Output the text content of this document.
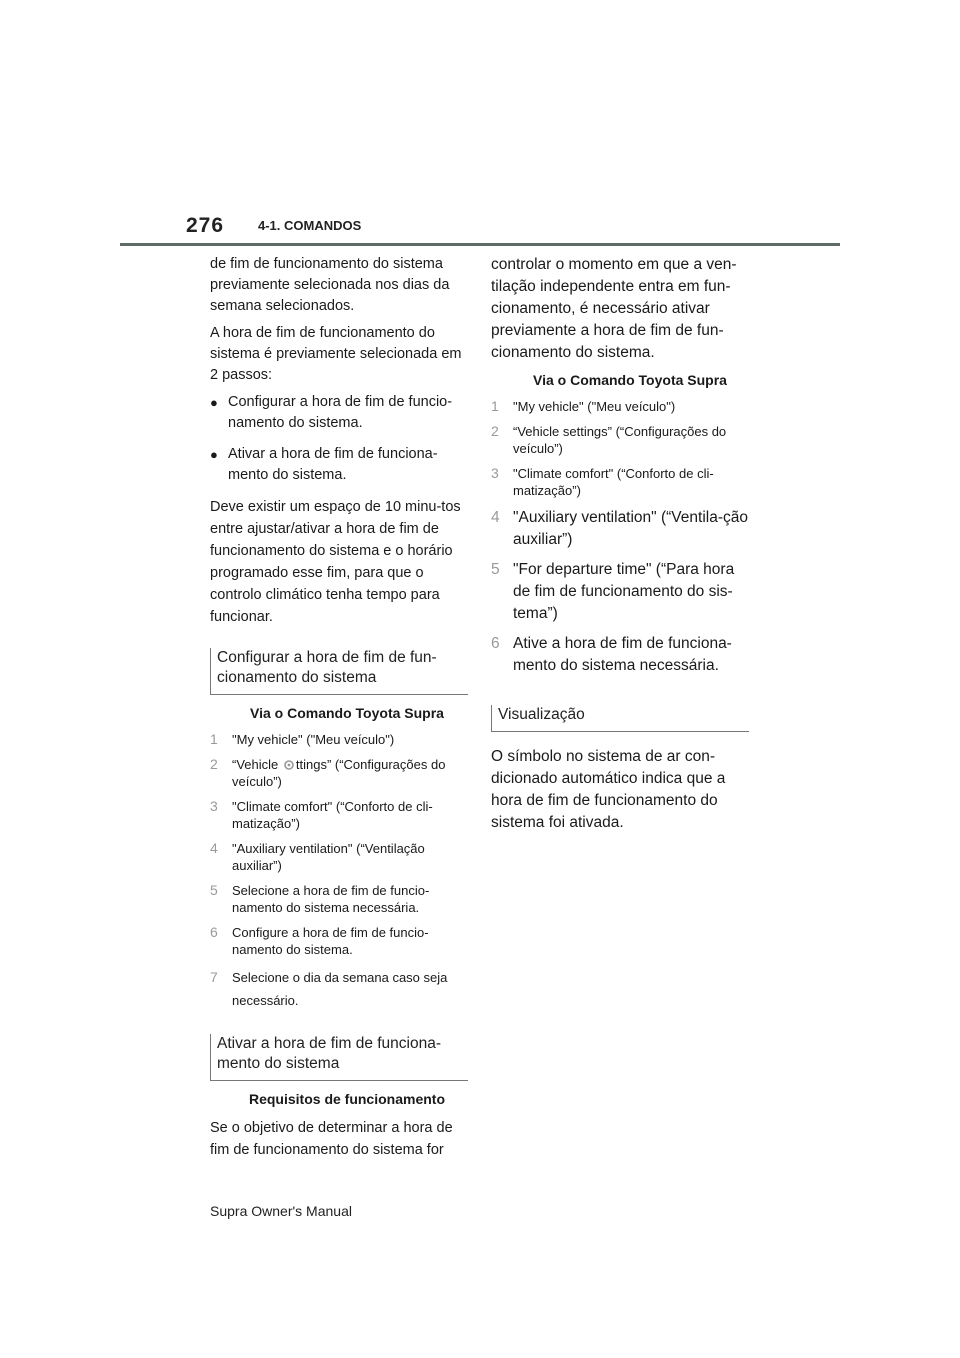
276	4-1. COMANDOS

de fim de funcionamento do sistema previamente selecionada nos dias da semana selecionados.

A hora de fim de funcionamento do sistema é previamente selecionada em 2 passos:

● Configurar a hora de fim de funcio-namento do sistema.
● Ativar a hora de fim de funciona-mento do sistema.

Deve existir um espaço de 10 minu-tos entre ajustar/ativar a hora de fim de funcionamento do sistema e o horário programado esse fim, para que o controlo climático tenha tempo para funcionar.

Configurar a hora de fim de fun-cionamento do sistema
Via o Comando Toyota Supra
1	"My vehicle" ("Meu veículo")
2	“Vehicle ttings” (“Configurações do veículo”)
3	"Climate comfort" (“Conforto de cli-matização”)
4	"Auxiliary ventilation" (“Ventilação auxiliar”)
5	Selecione a hora de fim de funcio-namento do sistema necessária.
6	Configure a hora de fim de funcio-namento do sistema.
7	Selecione o dia da semana caso seja necessário.
Ativar a hora de fim de funciona-mento do sistema
Requisitos de funcionamento

Se o objetivo de determinar a hora de fim de funcionamento do sistema for

controlar o momento em que a ven-tilação independente entra em fun-cionamento, é necessário ativar previamente a hora de fim de fun-cionamento do sistema.

Via o Comando Toyota Supra
1	"My vehicle" ("Meu veículo")
2	“Vehicle settings” (“Configurações do veículo”)
3	"Climate comfort" (“Conforto de cli-matização”)
4 "Auxiliary ventilation" (“Ventila-ção auxiliar”)
5 "For departure time" (“Para hora de fim de funcionamento do sis-tema”)
6 Ative a hora de fim de funciona-mento do sistema necessária.
Visualização

O símbolo no sistema de ar con-dicionado automático indica que a hora de fim de funcionamento do sistema foi ativada.

Supra Owner's Manual
